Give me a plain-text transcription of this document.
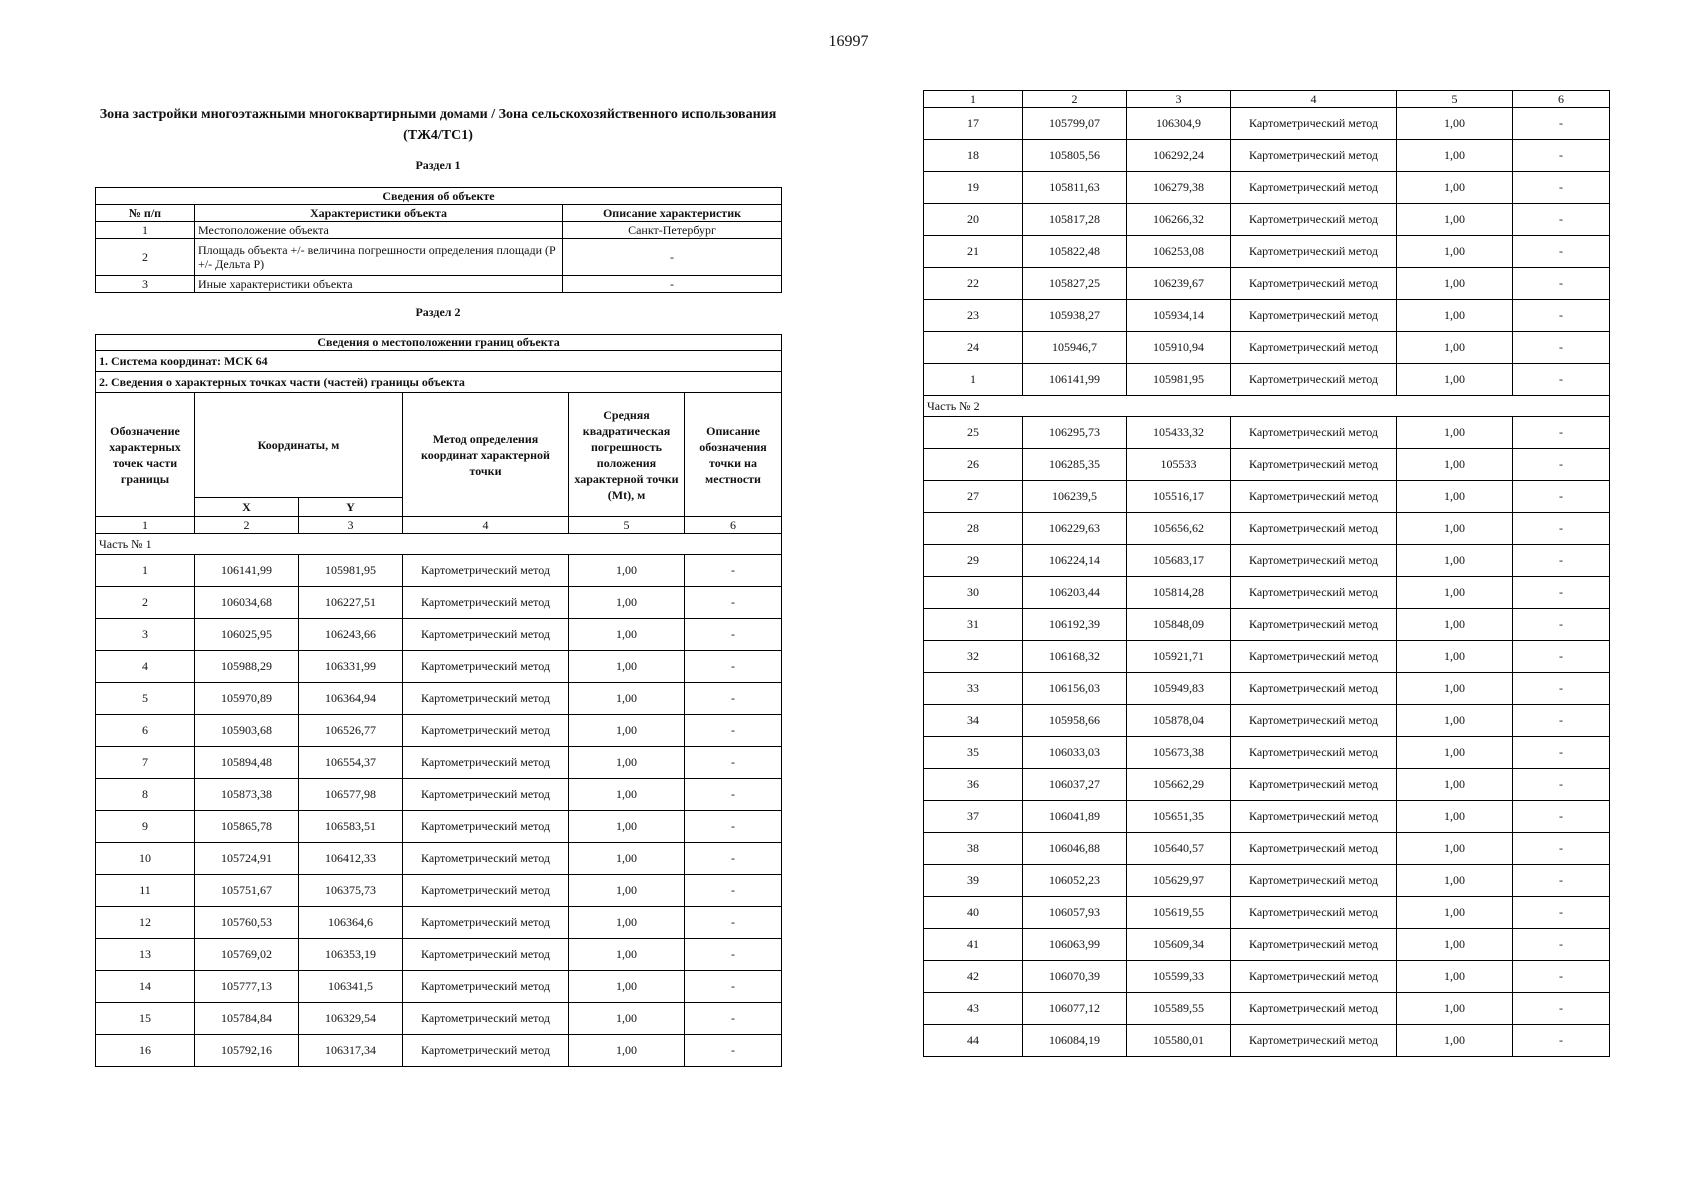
16997
Зона застройки многоэтажными многоквартирными домами / Зона сельскохозяйственного использования (ТЖ4/ТС1)
Раздел 1
Сведения об объекте		
№ п/п	Характеристики объекта	Описание характеристик
1	Местоположение объекта	Санкт-Петербург
2	Площадь объекта +/- величина погрешности определения площади (Р +/- Дельта Р)	-
3	Иные характеристики объекта	-
Раздел 2
Сведения о местоположении границ объекта					
1. Система координат: МСК 64					
2. Сведения о характерных точках части (частей) границы объекта					
Обозначение характерных точек части границы	Координаты, м		Метод определения координат характерной точки	Средняя квадратическая погрешность положения характерной точки (Мt), м	Описание обозначения точки на местности
	X	Y			
1	2	3	4	5	6
Часть № 1					
1	106141,99	105981,95	Картометрический метод	1,00	-
2	106034,68	106227,51	Картометрический метод	1,00	-
3	106025,95	106243,66	Картометрический метод	1,00	-
4	105988,29	106331,99	Картометрический метод	1,00	-
5	105970,89	106364,94	Картометрический метод	1,00	-
6	105903,68	106526,77	Картометрический метод	1,00	-
7	105894,48	106554,37	Картометрический метод	1,00	-
8	105873,38	106577,98	Картометрический метод	1,00	-
9	105865,78	106583,51	Картометрический метод	1,00	-
10	105724,91	106412,33	Картометрический метод	1,00	-
11	105751,67	106375,73	Картометрический метод	1,00	-
12	105760,53	106364,6	Картометрический метод	1,00	-
13	105769,02	106353,19	Картометрический метод	1,00	-
14	105777,13	106341,5	Картометрический метод	1,00	-
15	105784,84	106329,54	Картометрический метод	1,00	-
16	105792,16	106317,34	Картометрический метод	1,00	-
1	2	3	4	5	6
17	105799,07	106304,9	Картометрический метод	1,00	-
18	105805,56	106292,24	Картометрический метод	1,00	-
19	105811,63	106279,38	Картометрический метод	1,00	-
20	105817,28	106266,32	Картометрический метод	1,00	-
21	105822,48	106253,08	Картометрический метод	1,00	-
22	105827,25	106239,67	Картометрический метод	1,00	-
23	105938,27	105934,14	Картометрический метод	1,00	-
24	105946,7	105910,94	Картометрический метод	1,00	-
1	106141,99	105981,95	Картометрический метод	1,00	-
Часть № 2					
25	106295,73	105433,32	Картометрический метод	1,00	-
26	106285,35	105533	Картометрический метод	1,00	-
27	106239,5	105516,17	Картометрический метод	1,00	-
28	106229,63	105656,62	Картометрический метод	1,00	-
29	106224,14	105683,17	Картометрический метод	1,00	-
30	106203,44	105814,28	Картометрический метод	1,00	-
31	106192,39	105848,09	Картометрический метод	1,00	-
32	106168,32	105921,71	Картометрический метод	1,00	-
33	106156,03	105949,83	Картометрический метод	1,00	-
34	105958,66	105878,04	Картометрический метод	1,00	-
35	106033,03	105673,38	Картометрический метод	1,00	-
36	106037,27	105662,29	Картометрический метод	1,00	-
37	106041,89	105651,35	Картометрический метод	1,00	-
38	106046,88	105640,57	Картометрический метод	1,00	-
39	106052,23	105629,97	Картометрический метод	1,00	-
40	106057,93	105619,55	Картометрический метод	1,00	-
41	106063,99	105609,34	Картометрический метод	1,00	-
42	106070,39	105599,33	Картометрический метод	1,00	-
43	106077,12	105589,55	Картометрический метод	1,00	-
44	106084,19	105580,01	Картометрический метод	1,00	-
